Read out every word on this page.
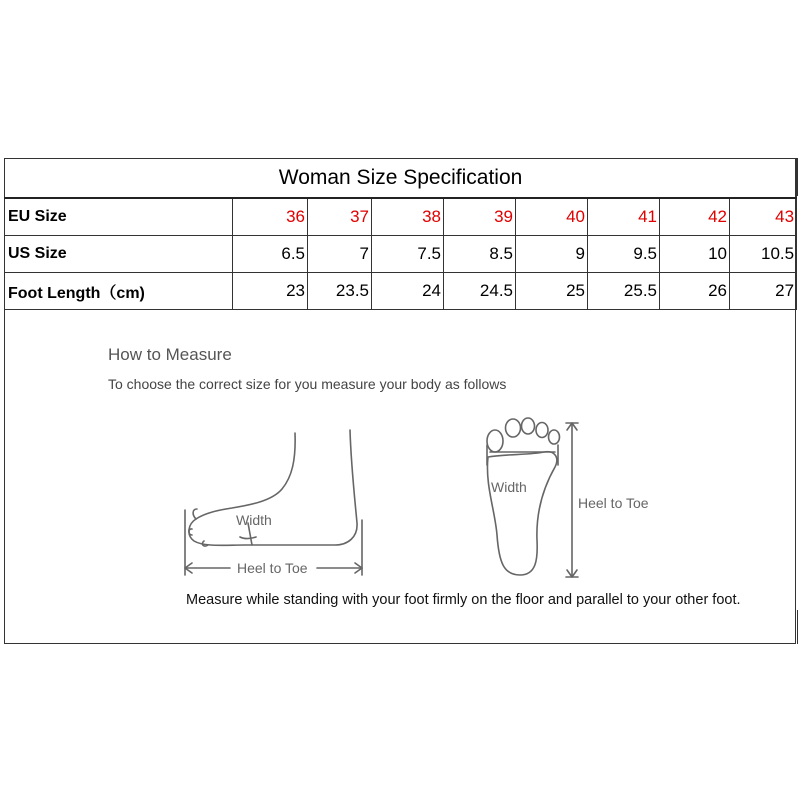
Woman Size Specification								
EU Size	36	37	38	39	40	41	42	43
US Size	6.5	7	7.5	8.5	9	9.5	10	10.5
Foot Length（cm)	23	23.5	24	24.5	25	25.5	26	27
How to Measure
To choose the correct size for you measure your body as follows
Width
Heel to Toe
Width
Heel to Toe
Measure while standing with your foot firmly on the floor and parallel to your other foot.
